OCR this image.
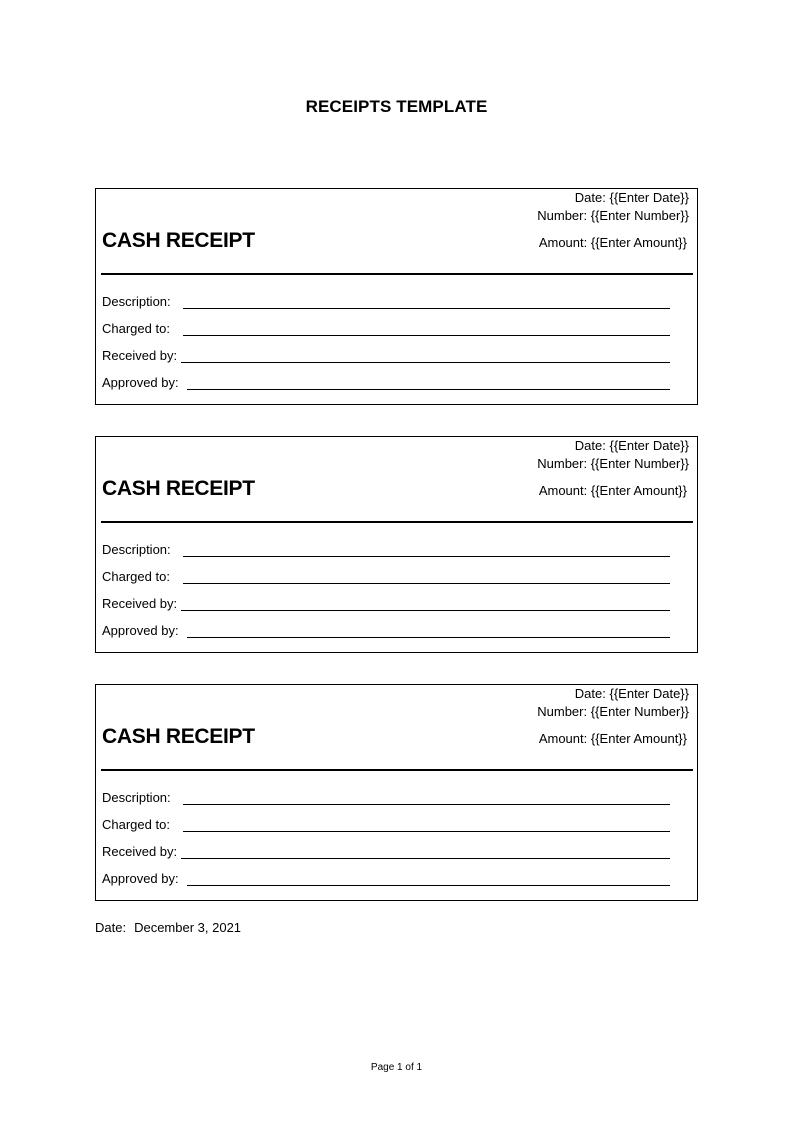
RECEIPTS TEMPLATE
Date: {{Enter Date}}
Number: {{Enter Number}}
Amount: {{Enter Amount}}
CASH RECEIPT
Description:
Charged to:
Received by:
Approved by:
Date: {{Enter Date}}
Number: {{Enter Number}}
Amount: {{Enter Amount}}
CASH RECEIPT
Description:
Charged to:
Received by:
Approved by:
Date: {{Enter Date}}
Number: {{Enter Number}}
Amount: {{Enter Amount}}
CASH RECEIPT
Description:
Charged to:
Received by:
Approved by:
Date: December 3, 2021
Page 1 of 1
